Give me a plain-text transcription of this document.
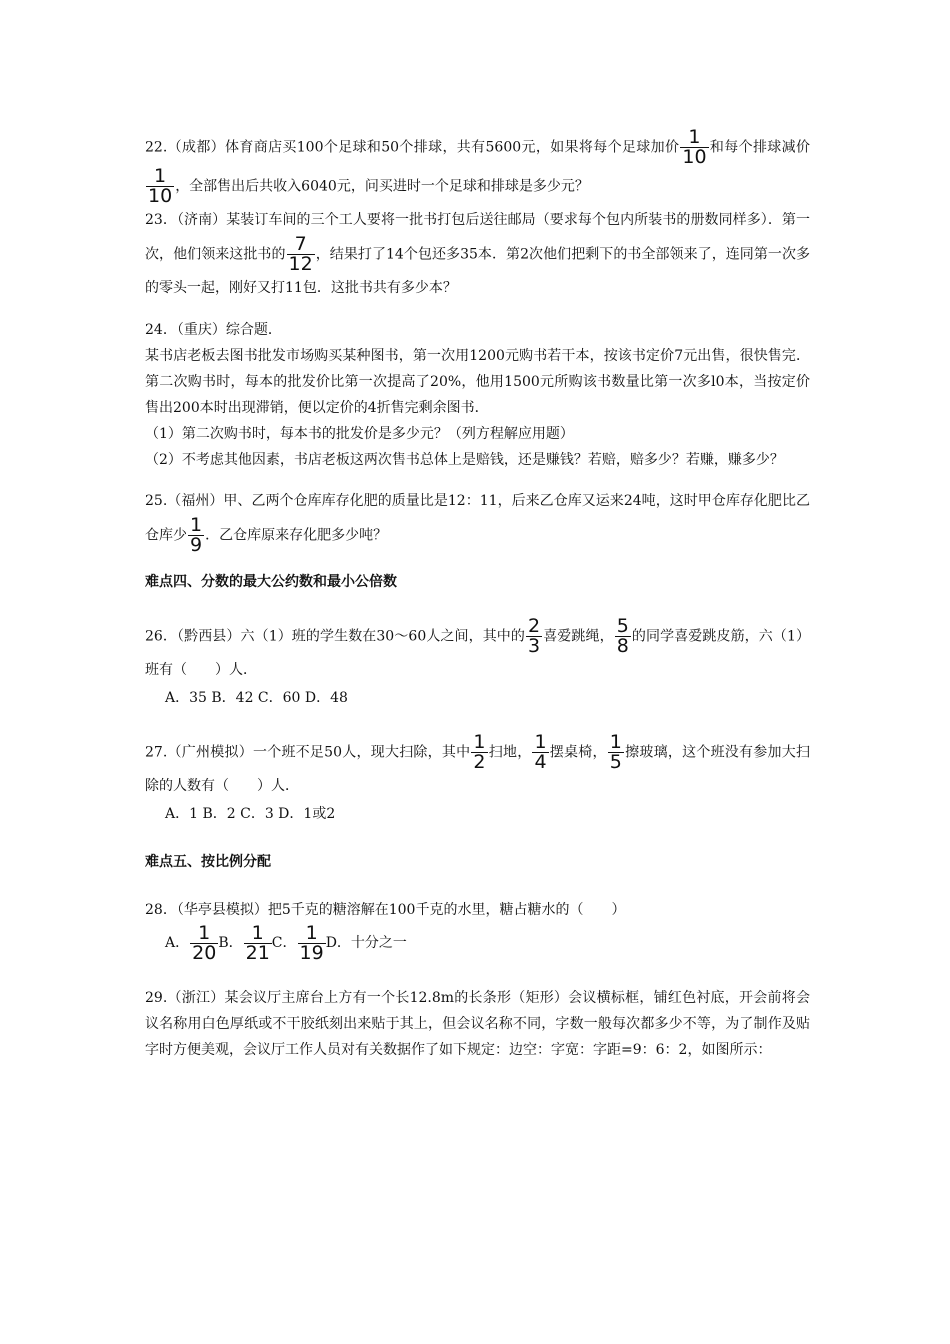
22.（成都）体育商店买100个足球和50个排球，共有5600元，如果将每个足球加价 $\frac{1}{10}$ 和每个排球减价
$\frac{1}{10}$ ，全部售出后共收入6040元，问买进时一个足球和排球是多少元？

23．（济南）某装订车间的三个工人要将一批书打包后送往邮局（要求每个包内所装书的册数同样多）．第一次，他们领来这批书的 $\frac{7}{12}$ ，结果打了14个包还多35本．第2次他们把剩下的书全部领来了，连同第一次多的零头一起，刚好又打11包．这批书共有多少本？

24．（重庆）综合题．

某书店老板去图书批发市场购买某种图书，第一次用1200元购书若干本，按该书定价7元出售，很快售完．第二次购书时，每本的批发价比第一次提高了20%，他用1500元所购该书数量比第一次多l0本，当按定价售出200本时出现滞销，便以定价的4折售完剩余图书．

（1）第二次购书时，每本书的批发价是多少元？（列方程解应用题）

（2）不考虑其他因素，书店老板这两次售书总体上是赔钱，还是赚钱？若赔，赔多少？若赚，赚多少？

25.（福州）甲、乙两个仓库库存化肥的质量比是12：11，后来乙仓库又运来24吨，这时甲仓库存化肥比乙仓库少 $\frac{1}{9}$ ．乙仓库原来存化肥多少吨？

难点四、分数的最大公约数和最小公倍数

26．（黔西县）六（1）班的学生数在30～60人之间，其中的 $\frac{2}{3}$ 喜爱跳绳， $\frac{5}{8}$ 的同学喜爱跳皮筋，六（1）班有（　　）人．

A．35 B．42 C．60 D．48

27.（广州模拟）一个班不足50人，现大扫除，其中 $\frac{1}{2}$ 扫地， $\frac{1}{4}$ 摆桌椅， $\frac{1}{5}$ 擦玻璃，这个班没有参加大扫除的人数有（　　）人．

A．1 B．2 C．3 D．1或2

难点五、按比例分配

28．（华亭县模拟）把5千克的糖溶解在100千克的水里，糖占糖水的（　　）

A． $\frac{1}{20}$ B． $\frac{1}{21}$ C． $\frac{1}{19}$ D．十分之一

29.（浙江）某会议厅主席台上方有一个长12.8m的长条形（矩形）会议横标框，铺红色衬底，开会前将会议名称用白色厚纸或不干胶纸刻出来贴于其上，但会议名称不同，字数一般每次都多少不等，为了制作及贴字时方便美观，会议厅工作人员对有关数据作了如下规定：边空：字宽：字距=9：6：2，如图所示：
